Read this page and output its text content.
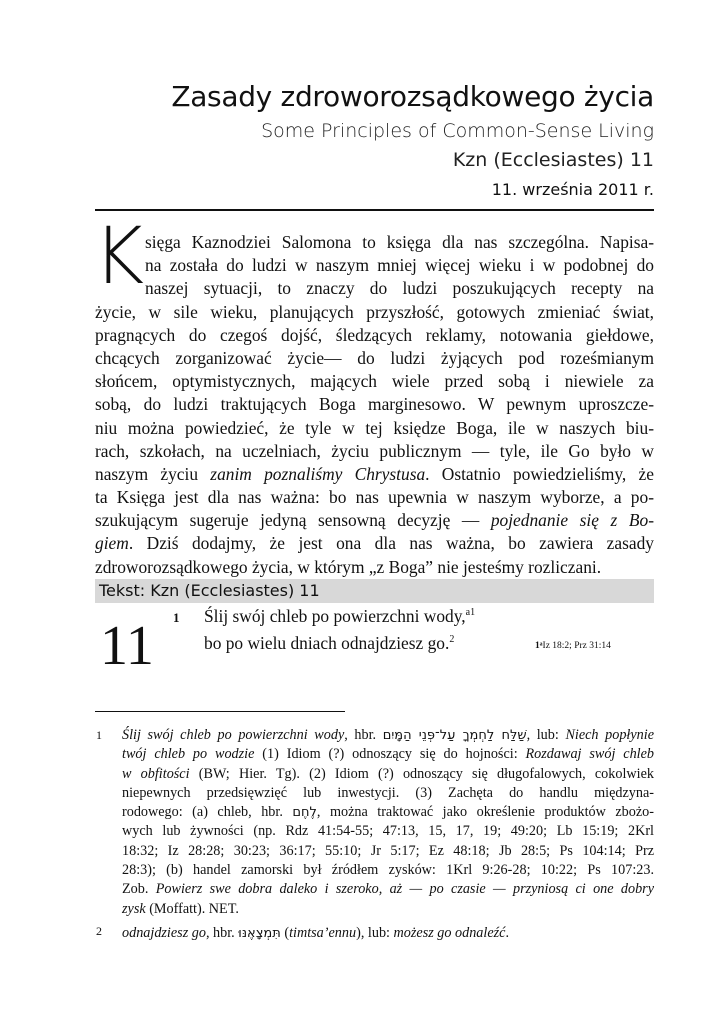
Zasady zdroworozsądkowego życia
Some Principles of Common-Sense Living
Kzn (Ecclesiastes) 11
11. września 2011 r.
K sięga Kaznodziei Salomona to księga dla nas szczególna. Napisa-
na została do ludzi w naszym mniej więcej wieku i w podobnej do
naszej sytuacji, to znaczy do ludzi poszukujących recepty na
życie, w sile wieku, planujących przyszłość, gotowych zmieniać świat,
pragnących do czegoś dojść, śledzących reklamy, notowania giełdowe,
chcących zorganizować życie— do ludzi żyjących pod roześmianym
słońcem, optymistycznych, mających wiele przed sobą i niewiele za
sobą, do ludzi traktujących Boga marginesowo. W pewnym uproszcze-
niu można powiedzieć, że tyle w tej księdze Boga, ile w naszych biu-
rach, szkołach, na uczelniach, życiu publicznym — tyle, ile Go było w
naszym życiu zanim poznaliśmy Chrystusa. Ostatnio powiedzieliśmy, że
ta Księga jest dla nas ważna: bo nas upewnia w naszym wyborze, a po-
szukującym sugeruje jedyną sensowną decyzję — pojednanie się z Bo-
giem. Dziś dodajmy, że jest ona dla nas ważna, bo zawiera zasady
zdroworozsądkowego życia, w którym „z Boga” nie jesteśmy rozliczani.
Tekst: Kzn (Ecclesiastes) 11
11 1 Ślij swój chleb po powierzchni wody,$^{a1}$
bo po wielu dniach odnajdziesz go.$^2$
1ᵃIz 18:2; Prz 31:14
1 Ślij swój chleb po powierzchni wody, hbr. שַׁלַּח לַחְמְךָ עַל־פְּנֵי הַמָּיִם, lub: Niech popłynie
twój chleb po wodzie (1) Idiom (?) odnoszący się do hojności: Rozdawaj swój chleb
w obfitości (BW; Hier. Tg). (2) Idiom (?) odnoszący się długofalowych, cokolwiek
niepewnych przedsięwzięć lub inwestycji. (3) Zachęta do handlu międzyna-
rodowego: (a) chleb, hbr. לֶחֶם, można traktować jako określenie produktów zbożo-
wych lub żywności (np. Rdz 41:54-55; 47:13, 15, 17, 19; 49:20; Lb 15:19; 2Krl
18:32; Iz 28:28; 30:23; 36:17; 55:10; Jr 5:17; Ez 48:18; Jb 28:5; Ps 104:14; Prz
28:3); (b) handel zamorski był źródłem zysków: 1Krl 9:26-28; 10:22; Ps 107:23.
Zob. Powierz swe dobra daleko i szeroko, aż — po czasie — przyniosą ci one dobry
zysk (Moffatt). NET.
2 odnajdziesz go, hbr. תִּמְצָאֶנּוּ (timtsa’ennu), lub: możesz go odnaleźć.
